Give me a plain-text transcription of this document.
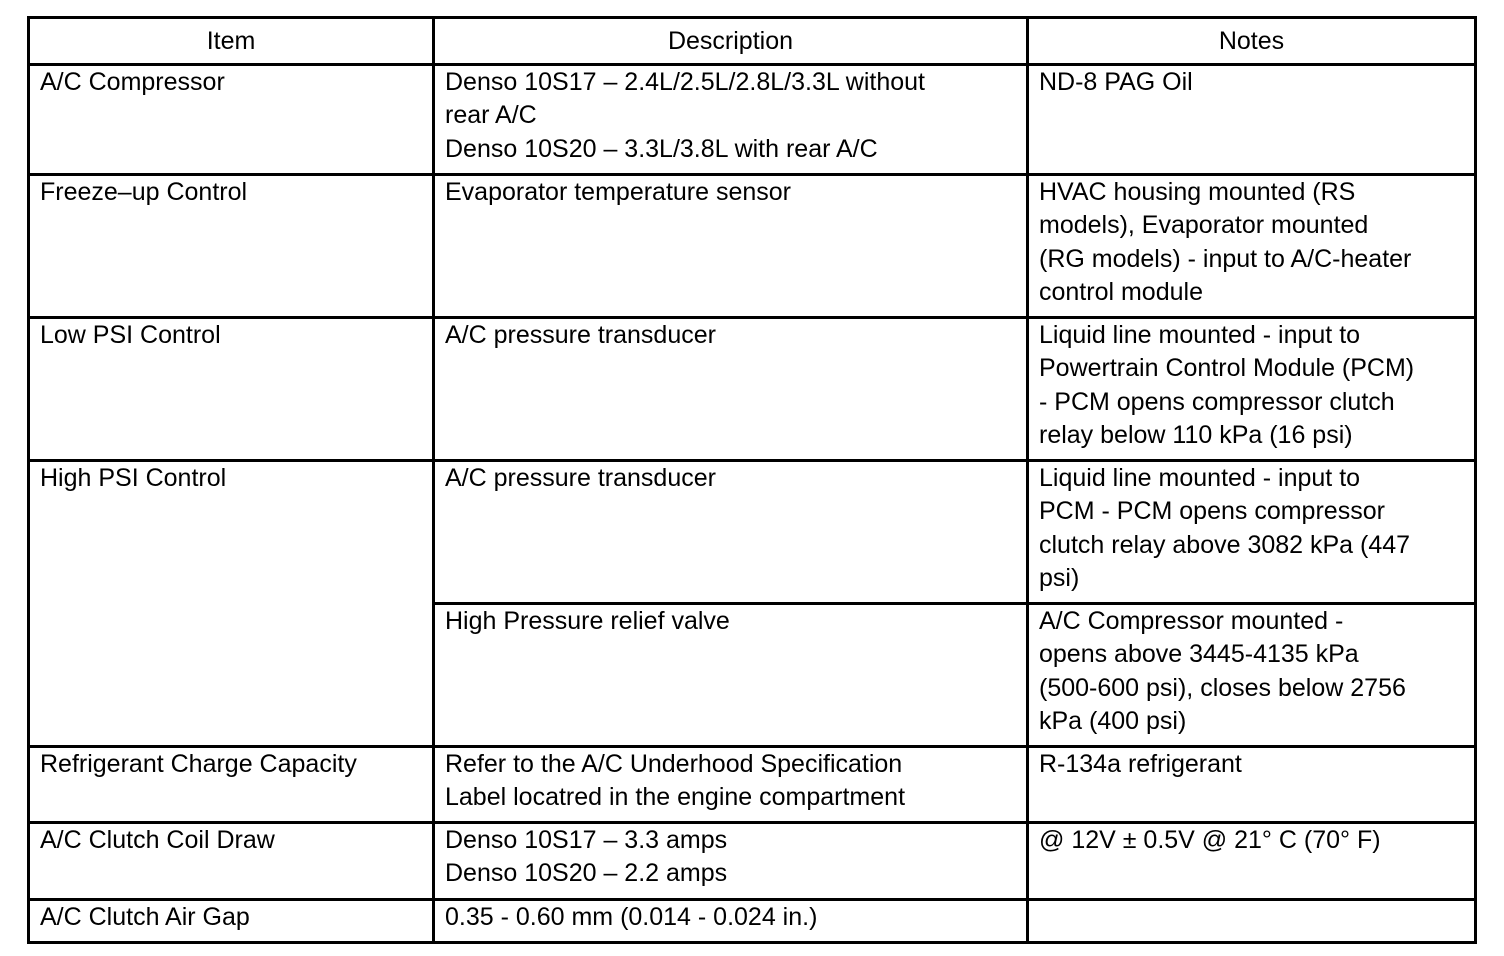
Item	Description	Notes
A/C Compressor	Denso 10S17 – 2.4L/2.5L/2.8L/3.3L without
rear A/C
Denso 10S20 – 3.3L/3.8L with rear A/C	ND-8 PAG Oil
Freeze–up Control	Evaporator temperature sensor	HVAC housing mounted (RS
models), Evaporator mounted
(RG models) - input to A/C-heater
control module
Low PSI Control	A/C pressure transducer	Liquid line mounted - input to
Powertrain Control Module (PCM)
- PCM opens compressor clutch
relay below 110 kPa (16 psi)
High PSI Control	A/C pressure transducer	Liquid line mounted - input to
PCM - PCM opens compressor
clutch relay above 3082 kPa (447
psi)
	High Pressure relief valve	A/C Compressor mounted -
opens above 3445-4135 kPa
(500-600 psi), closes below 2756
kPa (400 psi)
Refrigerant Charge Capacity	Refer to the A/C Underhood Specification
Label locatred in the engine compartment	R-134a refrigerant
A/C Clutch Coil Draw	Denso 10S17 – 3.3 amps
Denso 10S20 – 2.2 amps	@ 12V ± 0.5V @ 21° C (70° F)
A/C Clutch Air Gap	0.35 - 0.60 mm (0.014 - 0.024 in.)	
